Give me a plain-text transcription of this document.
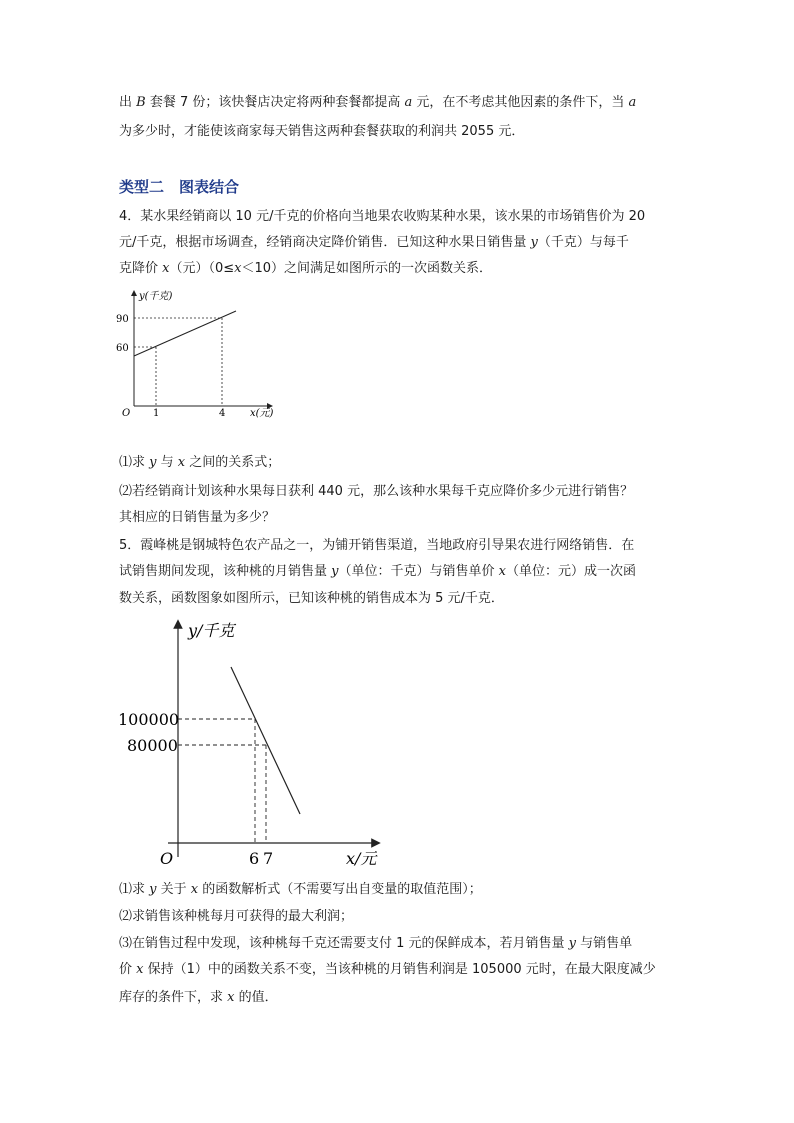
出 B 套餐 7 份；该快餐店决定将两种套餐都提高 a 元，在不考虑其他因素的条件下，当 a
为多少时，才能使该商家每天销售这两种套餐获取的利润共 2055 元．
类型二　图表结合
4．某水果经销商以 10 元/千克的价格向当地果农收购某种水果，该水果的市场销售价为 20
元/千克，根据市场调查，经销商决定降价销售．已知这种水果日销售量 y（千克）与每千
克降价 x（元）（0≤x＜10）之间满足如图所示的一次函数关系．
y(千克)
x(元)
O
90
60
1	4
⑴求 y 与 x 之间的关系式；
⑵若经销商计划该种水果每日获利 440 元，那么该种水果每千克应降价多少元进行销售？
其相应的日销售量为多少？
5．霞峰桃是钢城特色农产品之一，为铺开销售渠道，当地政府引导果农进行网络销售．在
试销售期间发现，该种桃的月销售量 y（单位：千克）与销售单价 x（单位：元）成一次函
数关系，函数图象如图所示，已知该种桃的销售成本为 5 元/千克．
y/千克
x/元
O
100000
80000
6 7
⑴求 y 关于 x 的函数解析式（不需要写出自变量的取值范围）；
⑵求销售该种桃每月可获得的最大利润；
⑶在销售过程中发现，该种桃每千克还需要支付 1 元的保鲜成本，若月销售量 y 与销售单
价 x 保持（1）中的函数关系不变，当该种桃的月销售利润是 105000 元时，在最大限度减少
库存的条件下，求 x 的值．
